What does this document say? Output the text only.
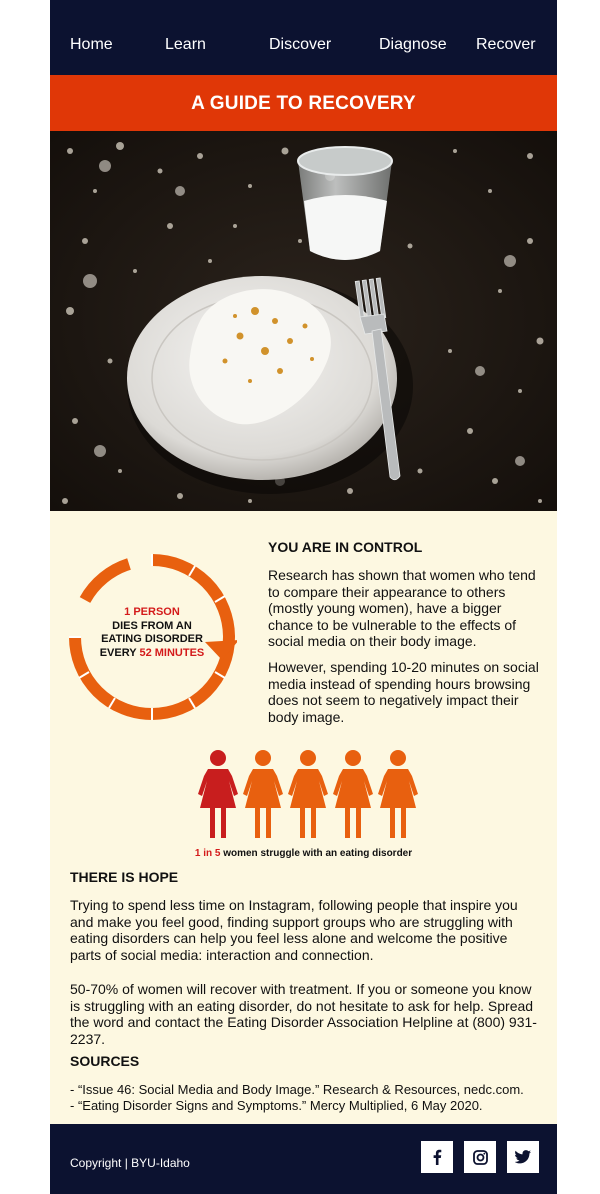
Home	Learn	Discover	Diagnose Recover
A GUIDE TO RECOVERY
1 PERSON
DIES FROM AN
EATING DISORDER
EVERY 52 MINUTES
YOU ARE IN CONTROL

Research has shown that women who tend to compare their appearance to others (mostly young women), have a bigger chance to be vulnerable to the effects of social media on their body image.

However, spending 10-20 minutes on social media instead of spending hours browsing does not seem to negatively impact their body image.

1 in 5 women struggle with an eating disorder
THERE IS HOPE

Trying to spend less time on Instagram, following people that inspire you and make you feel good, finding support groups who are struggling with eating disorders can help you feel less alone and welcome the positive parts of social media: interaction and connection.

50-70% of women will recover with treatment. If you or someone you know is struggling with an eating disorder, do not hesitate to ask for help. Spread the word and contact the Eating Disorder Association Helpline at (800) 931-2237.

SOURCES
- “Issue 46: Social Media and Body Image.” Research & Resources, nedc.com.
- “Eating Disorder Signs and Symptoms.” Mercy Multiplied, 6 May 2020.
Copyright | BYU-Idaho
